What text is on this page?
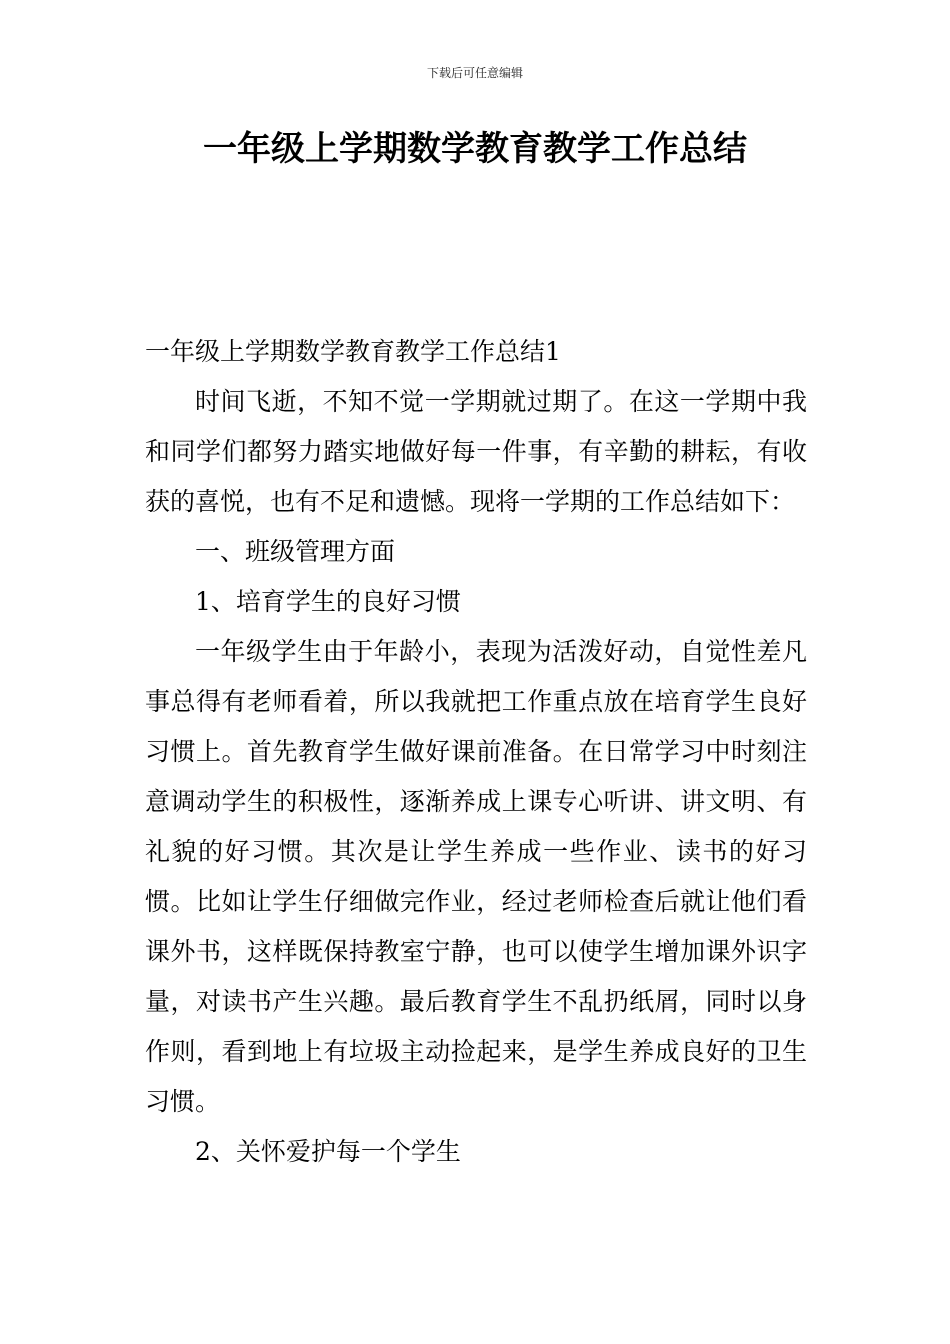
下载后可任意编辑
一年级上学期数学教育教学工作总结

一年级上学期数学教育教学工作总结1

时间飞逝，不知不觉一学期就过期了。在这一学期中我和同学们都努力踏实地做好每一件事，有辛勤的耕耘，有收获的喜悦，也有不足和遗憾。现将一学期的工作总结如下：

一、班级管理方面

1、培育学生的良好习惯

一年级学生由于年龄小，表现为活泼好动，自觉性差凡事总得有老师看着，所以我就把工作重点放在培育学生良好习惯上。首先教育学生做好课前准备。在日常学习中时刻注意调动学生的积极性，逐渐养成上课专心听讲、讲文明、有礼貌的好习惯。其次是让学生养成一些作业、读书的好习惯。比如让学生仔细做完作业，经过老师检查后就让他们看课外书，这样既保持教室宁静，也可以使学生增加课外识字量，对读书产生兴趣。最后教育学生不乱扔纸屑，同时以身作则，看到地上有垃圾主动捡起来，是学生养成良好的卫生习惯。

2、关怀爱护每一个学生
